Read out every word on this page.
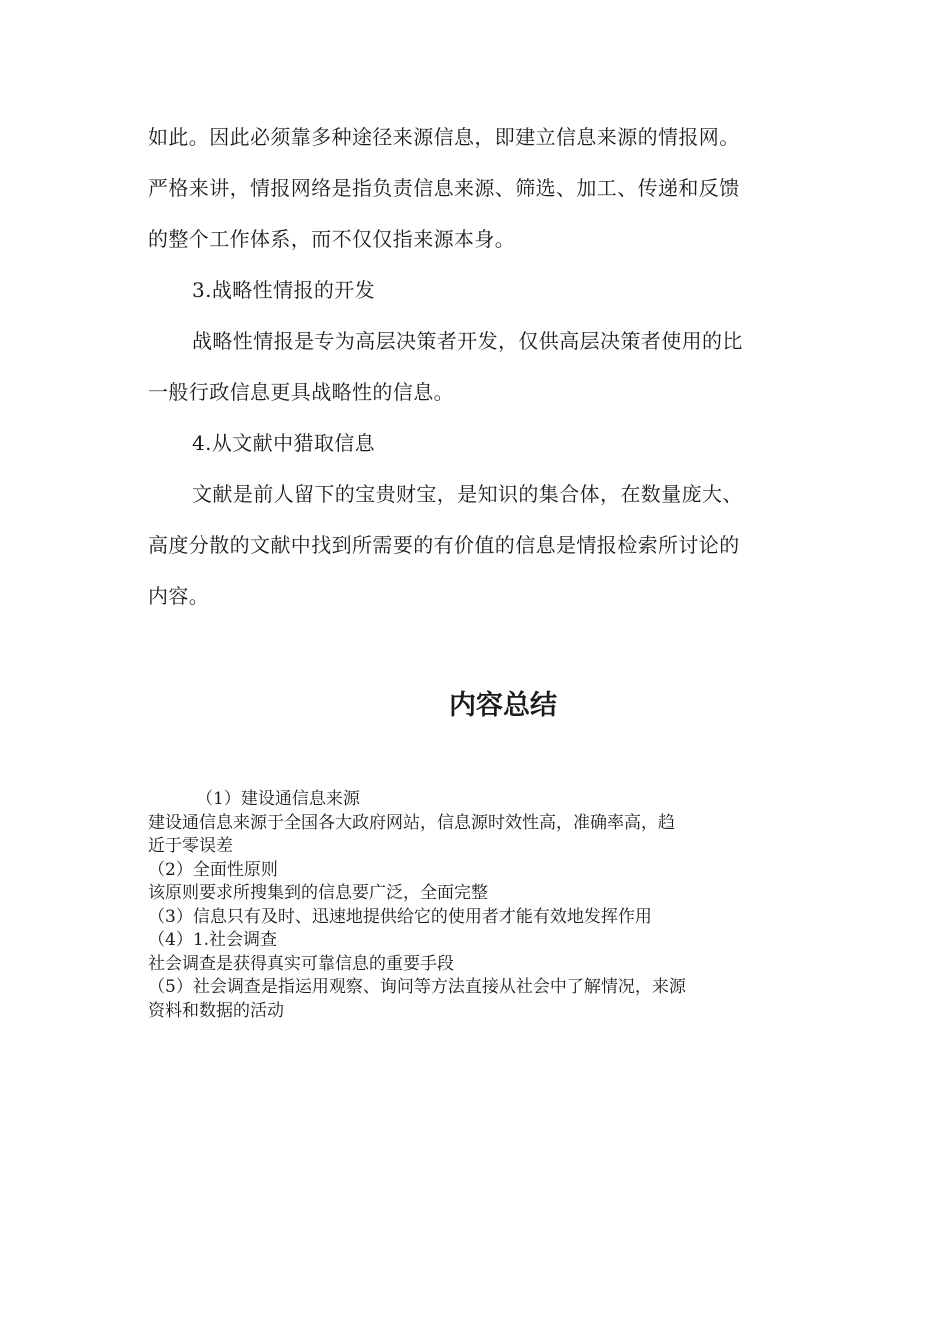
如此。因此必须靠多种途径来源信息，即建立信息来源的情报网。

严格来讲，情报网络是指负责信息来源、筛选、加工、传递和反馈

的整个工作体系，而不仅仅指来源本身。

3.战略性情报的开发

战略性情报是专为高层决策者开发，仅供高层决策者使用的比

一般行政信息更具战略性的信息。

4.从文献中猎取信息

文献是前人留下的宝贵财宝，是知识的集合体，在数量庞大、

高度分散的文献中找到所需要的有价值的信息是情报检索所讨论的

内容。

内容总结

（1）建设通信息来源

建设通信息来源于全国各大政府网站，信息源时效性高，准确率高，趋

近于零误差

（2）全面性原则

该原则要求所搜集到的信息要广泛，全面完整

（3）信息只有及时、迅速地提供给它的使用者才能有效地发挥作用

（4）1.社会调查

社会调查是获得真实可靠信息的重要手段

（5）社会调查是指运用观察、询问等方法直接从社会中了解情况，来源

资料和数据的活动
